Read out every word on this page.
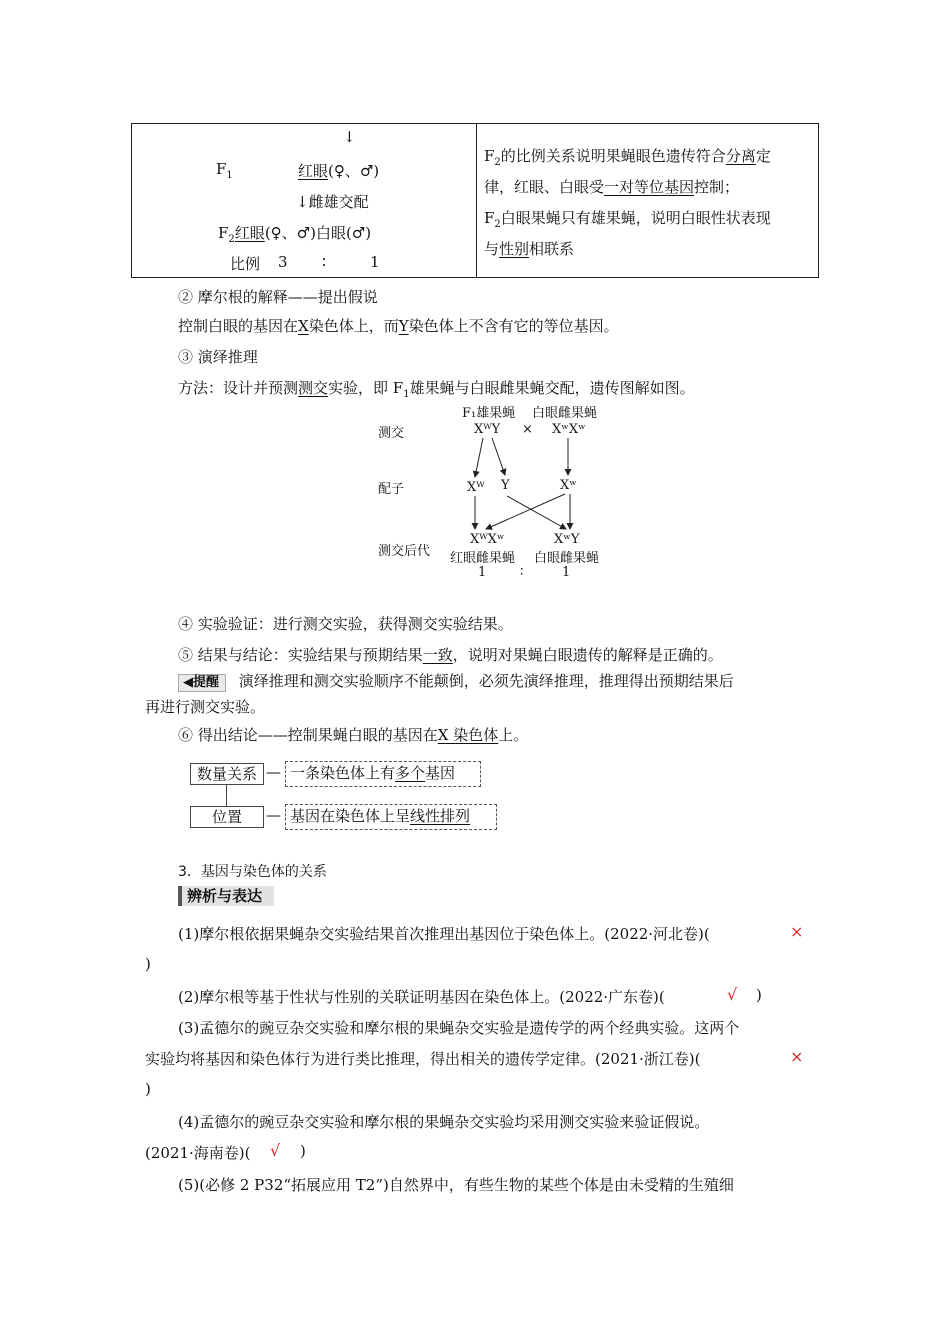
↓
$F_1$	红眼(♀、♂)
↓雌雄交配
$F_2$红眼(♀、♂)白眼(♂)
比例 3 ∶	1
$F_2$的比例关系说明果蝇眼色遗传符合分离定
律，红眼、白眼受一对等位基因控制；
$F_2$白眼果蝇只有雄果蝇，说明白眼性状表现
与性别相联系
② 摩尔根的解释——提出假说
控制白眼的基因在X染色体上，而Y染色体上不含有它的等位基因。
③ 演绎推理
方法：设计并预测测交实验，即 $F_1$雄果蝇与白眼雌果蝇交配，遗传图解如图。
测交
配子
测交后代
F₁雄果蝇 白眼雌果蝇
XᵂY × XʷXʷ
Xᵂ Y	Xʷ
XᵂXʷ	XʷY
红眼雌果蝇 白眼雌果蝇
1	∶	1
④ 实验验证：进行测交实验，获得测交实验结果。
⑤ 结果与结论：实验结果与预期结果一致，说明对果蝇白眼遗传的解释是正确的。
◀提醒 演绎推理和测交实验顺序不能颠倒，必须先演绎推理，推理得出预期结果后
再进行测交实验。
⑥ 得出结论——控制果蝇白眼的基因在X 染色体上。
数量关系 — 一条染色体上有多个基因
位置	— 基因在染色体上呈线性排列
3．基因与染色体的关系
辨析与表达
(1)摩尔根依据果蝇杂交实验结果首次推理出基因位于染色体上。(2022·河北卷)(	×
)
(2)摩尔根等基于性状与性别的关联证明基因在染色体上。(2022·广东卷)(	√ )
(3)孟德尔的豌豆杂交实验和摩尔根的果蝇杂交实验是遗传学的两个经典实验。这两个
实验均将基因和染色体行为进行类比推理，得出相关的遗传学定律。(2021·浙江卷)(	×
)
(4)孟德尔的豌豆杂交实验和摩尔根的果蝇杂交实验均采用测交实验来验证假说。
(2021·海南卷)( √ )
(5)(必修 2 P32“拓展应用 T2”)自然界中，有些生物的某些个体是由未受精的生殖细
